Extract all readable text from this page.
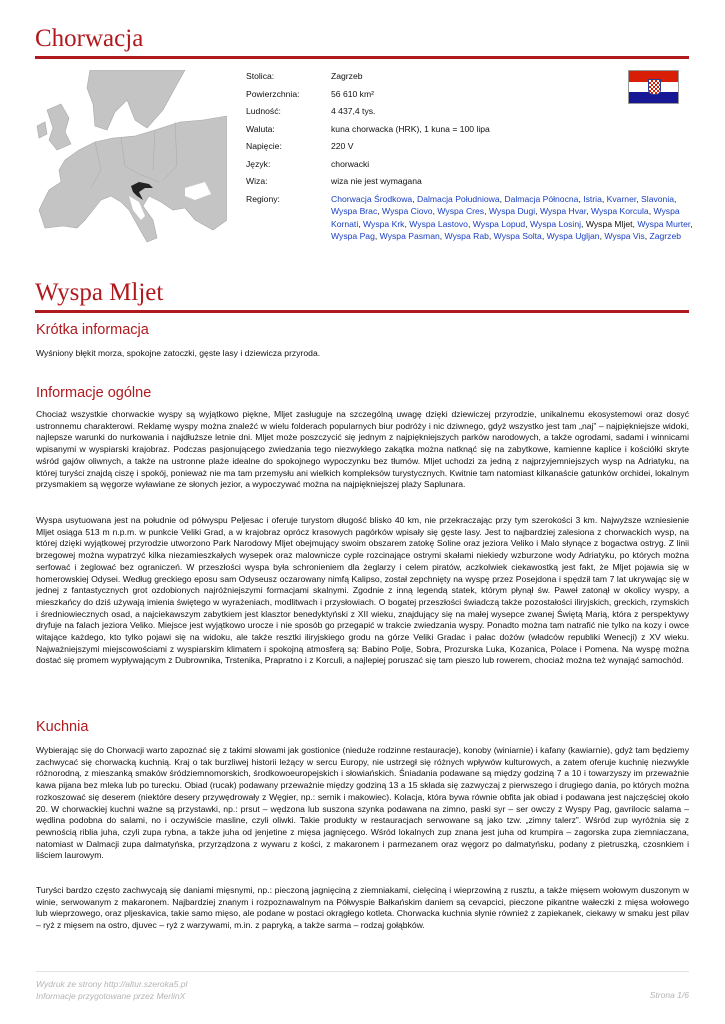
Chorwacja
Stolica:	Zagrzeb
Powierzchnia:	56 610 km²
Ludność:	4 437,4 tys.
Waluta:	kuna chorwacka (HRK), 1 kuna = 100 lipa
Napięcie:	220 V
Język:	chorwacki
Wiza:	wiza nie jest wymagana
Regiony:	Chorwacja Środkowa, Dalmacja Południowa, Dalmacja Północna, Istria, Kvarner, Slavonia, Wyspa Brac, Wyspa Ciovo, Wyspa Cres, Wyspa Dugi, Wyspa Hvar, Wyspa Korcula, Wyspa Kornati, Wyspa Krk, Wyspa Lastovo, Wyspa Lopud, Wyspa Losinj, Wyspa Mljet, Wyspa Murter, Wyspa Pag, Wyspa Pasman, Wyspa Rab, Wyspa Solta, Wyspa Ugljan, Wyspa Vis, Zagrzeb
Wyspa Mljet
Krótka informacja

Wyśniony błękit morza, spokojne zatoczki, gęste lasy i dziewicza przyroda.

Informacje ogólne

Chociaż wszystkie chorwackie wyspy są wyjątkowo piękne, Mljet zasługuje na szczególną uwagę dzięki dziewiczej przyrodzie, unikalnemu ekosystemowi oraz dosyć ustronnemu charakterowi. Reklamę wyspy można znaleźć w wielu folderach popularnych biur podróży i nic dziwnego, gdyż wszystko jest tam „naj” – najpiękniejsze widoki, najlepsze warunki do nurkowania i najdłuższe letnie dni. Mljet może poszczycić się jednym z najpiękniejszych parków narodowych, a także ogrodami, sadami i winnicami wpisanymi w wyspiarski krajobraz. Podczas pasjonującego zwiedzania tego niezwykłego zakątka można natknąć się na zabytkowe, kamienne kaplice i kościółki skryte wśród gajów oliwnych, a także na ustronne plaże idealne do spokojnego wypoczynku bez tłumów. Mljet uchodzi za jedną z najprzyjemniejszych wysp na Adriatyku, na której turyści znajdą ciszę i spokój, ponieważ nie ma tam przemysłu ani wielkich kompleksów turystycznych. Kwitnie tam natomiast kilkanaście gatunków orchidei, lokalnym przysmakiem są węgorze wyławiane ze słonych jezior, a wypoczywać można na najpiękniejszej plaży Saplunara.

Wyspa usytuowana jest na południe od półwyspu Peljesac i oferuje turystom długość blisko 40 km, nie przekraczając przy tym szerokości 3 km. Najwyższe wzniesienie Mljet osiąga 513 m n.p.m. w punkcie Veliki Grad, a w krajobraz oprócz krasowych pagórków wpisały się gęste lasy. Jest to najbardziej zalesiona z chorwackich wysp, na której dzięki wyjątkowej przyrodzie utworzono Park Narodowy Mljet obejmujący swoim obszarem zatokę Soline oraz jeziora Veliko i Malo słynące z bogactwa ostryg. Z linii brzegowej można wypatrzyć kilka niezamieszkałych wysepek oraz malownicze cyple rozcinające ostrymi skałami niekiedy wzburzone wody Adriatyku, po których można serfować i żeglować bez ograniczeń. W przeszłości wyspa była schronieniem dla żeglarzy i celem piratów, aczkolwiek ciekawostką jest fakt, że Mljet pojawia się w homerowskiej Odysei. Według greckiego eposu sam Odyseusz oczarowany nimfą Kalipso, został zepchnięty na wyspę przez Posejdona i spędził tam 7 lat ukrywając się w jednej z fantastycznych grot ozdobionych najróżniejszymi formacjami skalnymi. Zgodnie z inną legendą statek, którym płynął św. Paweł zatonął w okolicy wyspy, a mieszkańcy do dziś używają imienia świętego w wyrażeniach, modlitwach i przysłowiach. O bogatej przeszłości świadczą także pozostałości iliryjskich, greckich, rzymskich i średniowiecznych osad, a najciekawszym zabytkiem jest klasztor benedyktyński z XII wieku, znajdujący się na małej wysepce zwanej Świętą Marią, która z perspektywy dryfuje na falach jeziora Veliko. Miejsce jest wyjątkowo urocze i nie sposób go przegapić w trakcie zwiedzania wyspy. Ponadto można tam natrafić nie tylko na kozy i owce witające każdego, kto tylko pojawi się na widoku, ale także resztki iliryjskiego grodu na górze Veliki Gradac i pałac dożów (władców republiki Wenecji) z XV wieku. Najważniejszymi miejscowościami z wyspiarskim klimatem i spokojną atmosferą są: Babino Polje, Sobra, Prozurska Luka, Kozanica, Polace i Pomena. Na wyspę można dostać się promem wypływającym z Dubrownika, Trstenika, Prapratno i z Korculi, a najlepiej poruszać się tam pieszo lub rowerem, chociaż można też wynająć samochód.

Kuchnia

Wybierając się do Chorwacji warto zapoznać się z takimi słowami jak gostionice (nieduże rodzinne restauracje), konoby (winiarnie) i kafany (kawiarnie), gdyż tam będziemy zachwycać się chorwacką kuchnią. Kraj o tak burzliwej historii leżący w sercu Europy, nie ustrzegł się różnych wpływów kulturowych, a zatem oferuje kuchnię niezwykle różnorodną, z mieszanką smaków śródziemnomorskich, środkowoeuropejskich i słowiańskich. Śniadania podawane są między godziną 7 a 10 i towarzyszy im przeważnie kawa pijana bez mleka lub po turecku. Obiad (rucak) podawany przeważnie między godziną 13 a 15 składa się zazwyczaj z pierwszego i drugiego dania, po których można rozkoszować się deserem (niektóre desery przywędrowały z Węgier, np.: sernik i makowiec). Kolacja, która bywa równie obfita jak obiad i podawana jest najczęściej około 20. W chorwackiej kuchni ważne są przystawki, np.: prsut – wędzona lub suszona szynka podawana na zimno, paski syr – ser owczy z Wyspy Pag, gavrilocic salama – wędlina podobna do salami, no i oczywiście masline, czyli oliwki. Takie produkty w restauracjach serwowane są jako tzw. „zimny talerz”. Wśród zup wyróżnia się z pewnością riblia juha, czyli zupa rybna, a także juha od jenjetine z mięsa jagnięcego. Wśród lokalnych zup znana jest juha od krumpira – zagorska zupa ziemniaczana, natomiast w Dalmacji zupa dalmatyńska, przyrządzona z wywaru z kości, z makaronem i parmezanem oraz węgorz po dalmatyńsku, podany z pietruszką, czosnkiem i liściem laurowym.

Turyści bardzo często zachwycają się daniami mięsnymi, np.: pieczoną jagnięciną z ziemniakami, cielęciną i wieprzowiną z rusztu, a także mięsem wołowym duszonym w winie, serwowanym z makaronem. Najbardziej znanym i rozpoznawalnym na Półwyspie Bałkańskim daniem są cevapcici, pieczone pikantne wałeczki z mięsa wołowego lub wieprzowego, oraz pljeskavica, takie samo mięso, ale podane w postaci okrągłego kotleta. Chorwacka kuchnia słynie również z zapiekanek, ciekawy w smaku jest pilav – ryż z mięsem na ostro, djuvec – ryż z warzywami, m.in. z papryką, a także sarma – rodzaj gołąbków.

Wydruk ze strony http://altur.szeroka5.pl
Informacje przygotowane przez MerlinX	Strona 1/6
